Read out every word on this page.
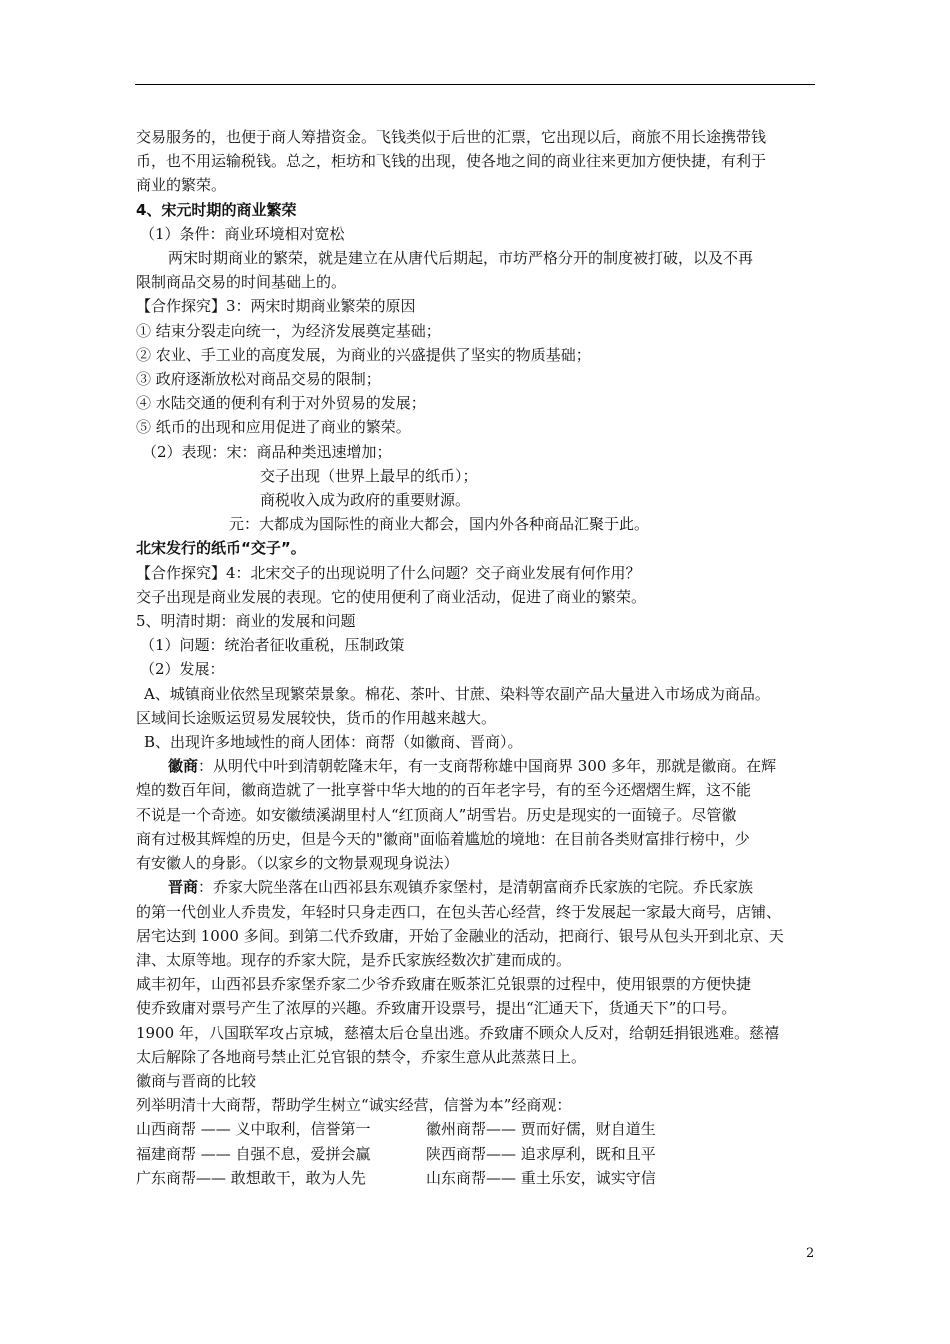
交易服务的，也便于商人筹措资金。飞钱类似于后世的汇票，它出现以后，商旅不用长途携带钱

币，也不用运输税钱。总之，柜坊和飞钱的出现，使各地之间的商业往来更加方便快捷，有利于

商业的繁荣。

4、宋元时期的商业繁荣

（1）条件：商业环境相对宽松

两宋时期商业的繁荣，就是建立在从唐代后期起，市坊严格分开的制度被打破，以及不再

限制商品交易的时间基础上的。

【合作探究】3：两宋时期商业繁荣的原因

① 结束分裂走向统一，为经济发展奠定基础；

② 农业、手工业的高度发展，为商业的兴盛提供了坚实的物质基础；

③ 政府逐渐放松对商品交易的限制；

④ 水陆交通的便利有利于对外贸易的发展；

⑤ 纸币的出现和应用促进了商业的繁荣。

（2）表现：宋：商品种类迅速增加；

交子出现（世界上最早的纸币）；

商税收入成为政府的重要财源。

元：大都成为国际性的商业大都会，国内外各种商品汇聚于此。

北宋发行的纸币“交子”。

【合作探究】4：北宋交子的出现说明了什么问题？交子商业发展有何作用？

交子出现是商业发展的表现。它的使用便利了商业活动，促进了商业的繁荣。

5、明清时期：商业的发展和问题

（1）问题：统治者征收重税，压制政策

（2）发展：

A、城镇商业依然呈现繁荣景象。棉花、茶叶、甘蔗、染料等农副产品大量进入市场成为商品。

区域间长途贩运贸易发展较快，货币的作用越来越大。

B、出现许多地域性的商人团体：商帮（如徽商、晋商）。

徽商：从明代中叶到清朝乾隆末年，有一支商帮称雄中国商界 300 多年，那就是徽商。在辉

煌的数百年间，徽商造就了一批享誉中华大地的的百年老字号，有的至今还熠熠生辉，这不能

不说是一个奇迹。如安徽绩溪湖里村人“红顶商人”胡雪岩。历史是现实的一面镜子。尽管徽

商有过极其辉煌的历史，但是今天的"徽商"面临着尴尬的境地：在目前各类财富排行榜中，少

有安徽人的身影。（以家乡的文物景观现身说法）

晋商：乔家大院坐落在山西祁县东观镇乔家堡村，是清朝富商乔氏家族的宅院。乔氏家族

的第一代创业人乔贵发，年轻时只身走西口，在包头苦心经营，终于发展起一家最大商号，店铺、

居宅达到 1000 多间。到第二代乔致庸，开始了金融业的活动，把商行、银号从包头开到北京、天

津、太原等地。现存的乔家大院，是乔氏家族经数次扩建而成的。

咸丰初年，山西祁县乔家堡乔家二少爷乔致庸在贩茶汇兑银票的过程中，使用银票的方便快捷

使乔致庸对票号产生了浓厚的兴趣。乔致庸开设票号，提出“汇通天下，货通天下”的口号。

1900 年，八国联军攻占京城，慈禧太后仓皇出逃。乔致庸不顾众人反对，给朝廷捐银逃难。慈禧

太后解除了各地商号禁止汇兑官银的禁令，乔家生意从此蒸蒸日上。

徽商与晋商的比较

列举明清十大商帮，帮助学生树立“诚实经营，信誉为本”经商观：

山西商帮 —— 义中取利，信誉第一	徽州商帮—— 贾而好儒，财自道生
福建商帮 —— 自强不息，爱拼会赢	陕西商帮—— 追求厚利，既和且平
广东商帮—— 敢想敢干，敢为人先	山东商帮—— 重土乐安，诚实守信
2
